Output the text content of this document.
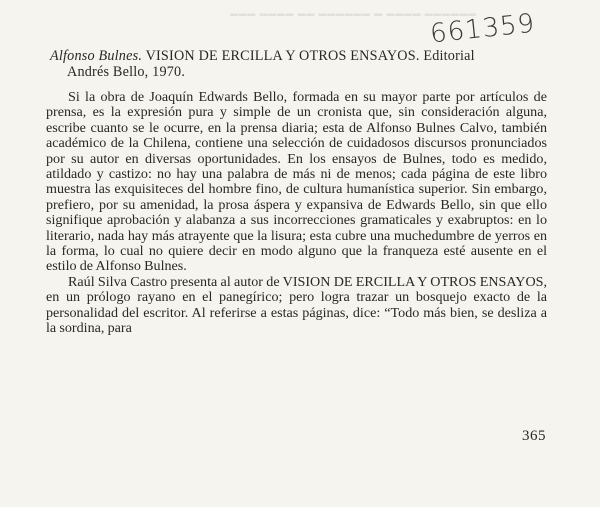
▂▂▂ ▂▂▂▂ ▂▂ ▂▂▂▂▂▂ ▂ ▂▂▂▂ ▂▂▂▂▂▂
661359
Alfonso Bulnes. VISION DE ERCILLA Y OTROS ENSAYOS. Editorial
Andrés Bello, 1970.

Si la obra de Joaquín Edwards Bello, formada en su mayor parte por artículos de prensa, es la expresión pura y simple de un cronista que, sin consideración alguna, escribe cuanto se le ocurre, en la prensa diaria; esta de Alfonso Bulnes Calvo, también académico de la Chilena, contiene una selección de cuidadosos discursos pronunciados por su autor en diversas oportunidades. En los ensayos de Bulnes, todo es medido, atildado y castizo: no hay una palabra de más ni de menos; cada página de este libro muestra las exquisiteces del hombre fino, de cultura humanística superior. Sin embargo, prefiero, por su amenidad, la prosa áspera y expansiva de Edwards Bello, sin que ello signifique aprobación y alabanza a sus incorrecciones gramaticales y exabruptos: en lo literario, nada hay más atrayente que la lisura; esta cubre una muchedumbre de yerros en la forma, lo cual no quiere decir en modo alguno que la franqueza esté ausente en el estilo de Alfonso Bulnes.

Raúl Silva Castro presenta al autor de VISION DE ERCILLA Y OTROS ENSAYOS, en un prólogo rayano en el panegírico; pero logra trazar un bosquejo exacto de la personalidad del escritor. Al referirse a estas páginas, dice: “Todo más bien, se desliza a la sordina, para

365
